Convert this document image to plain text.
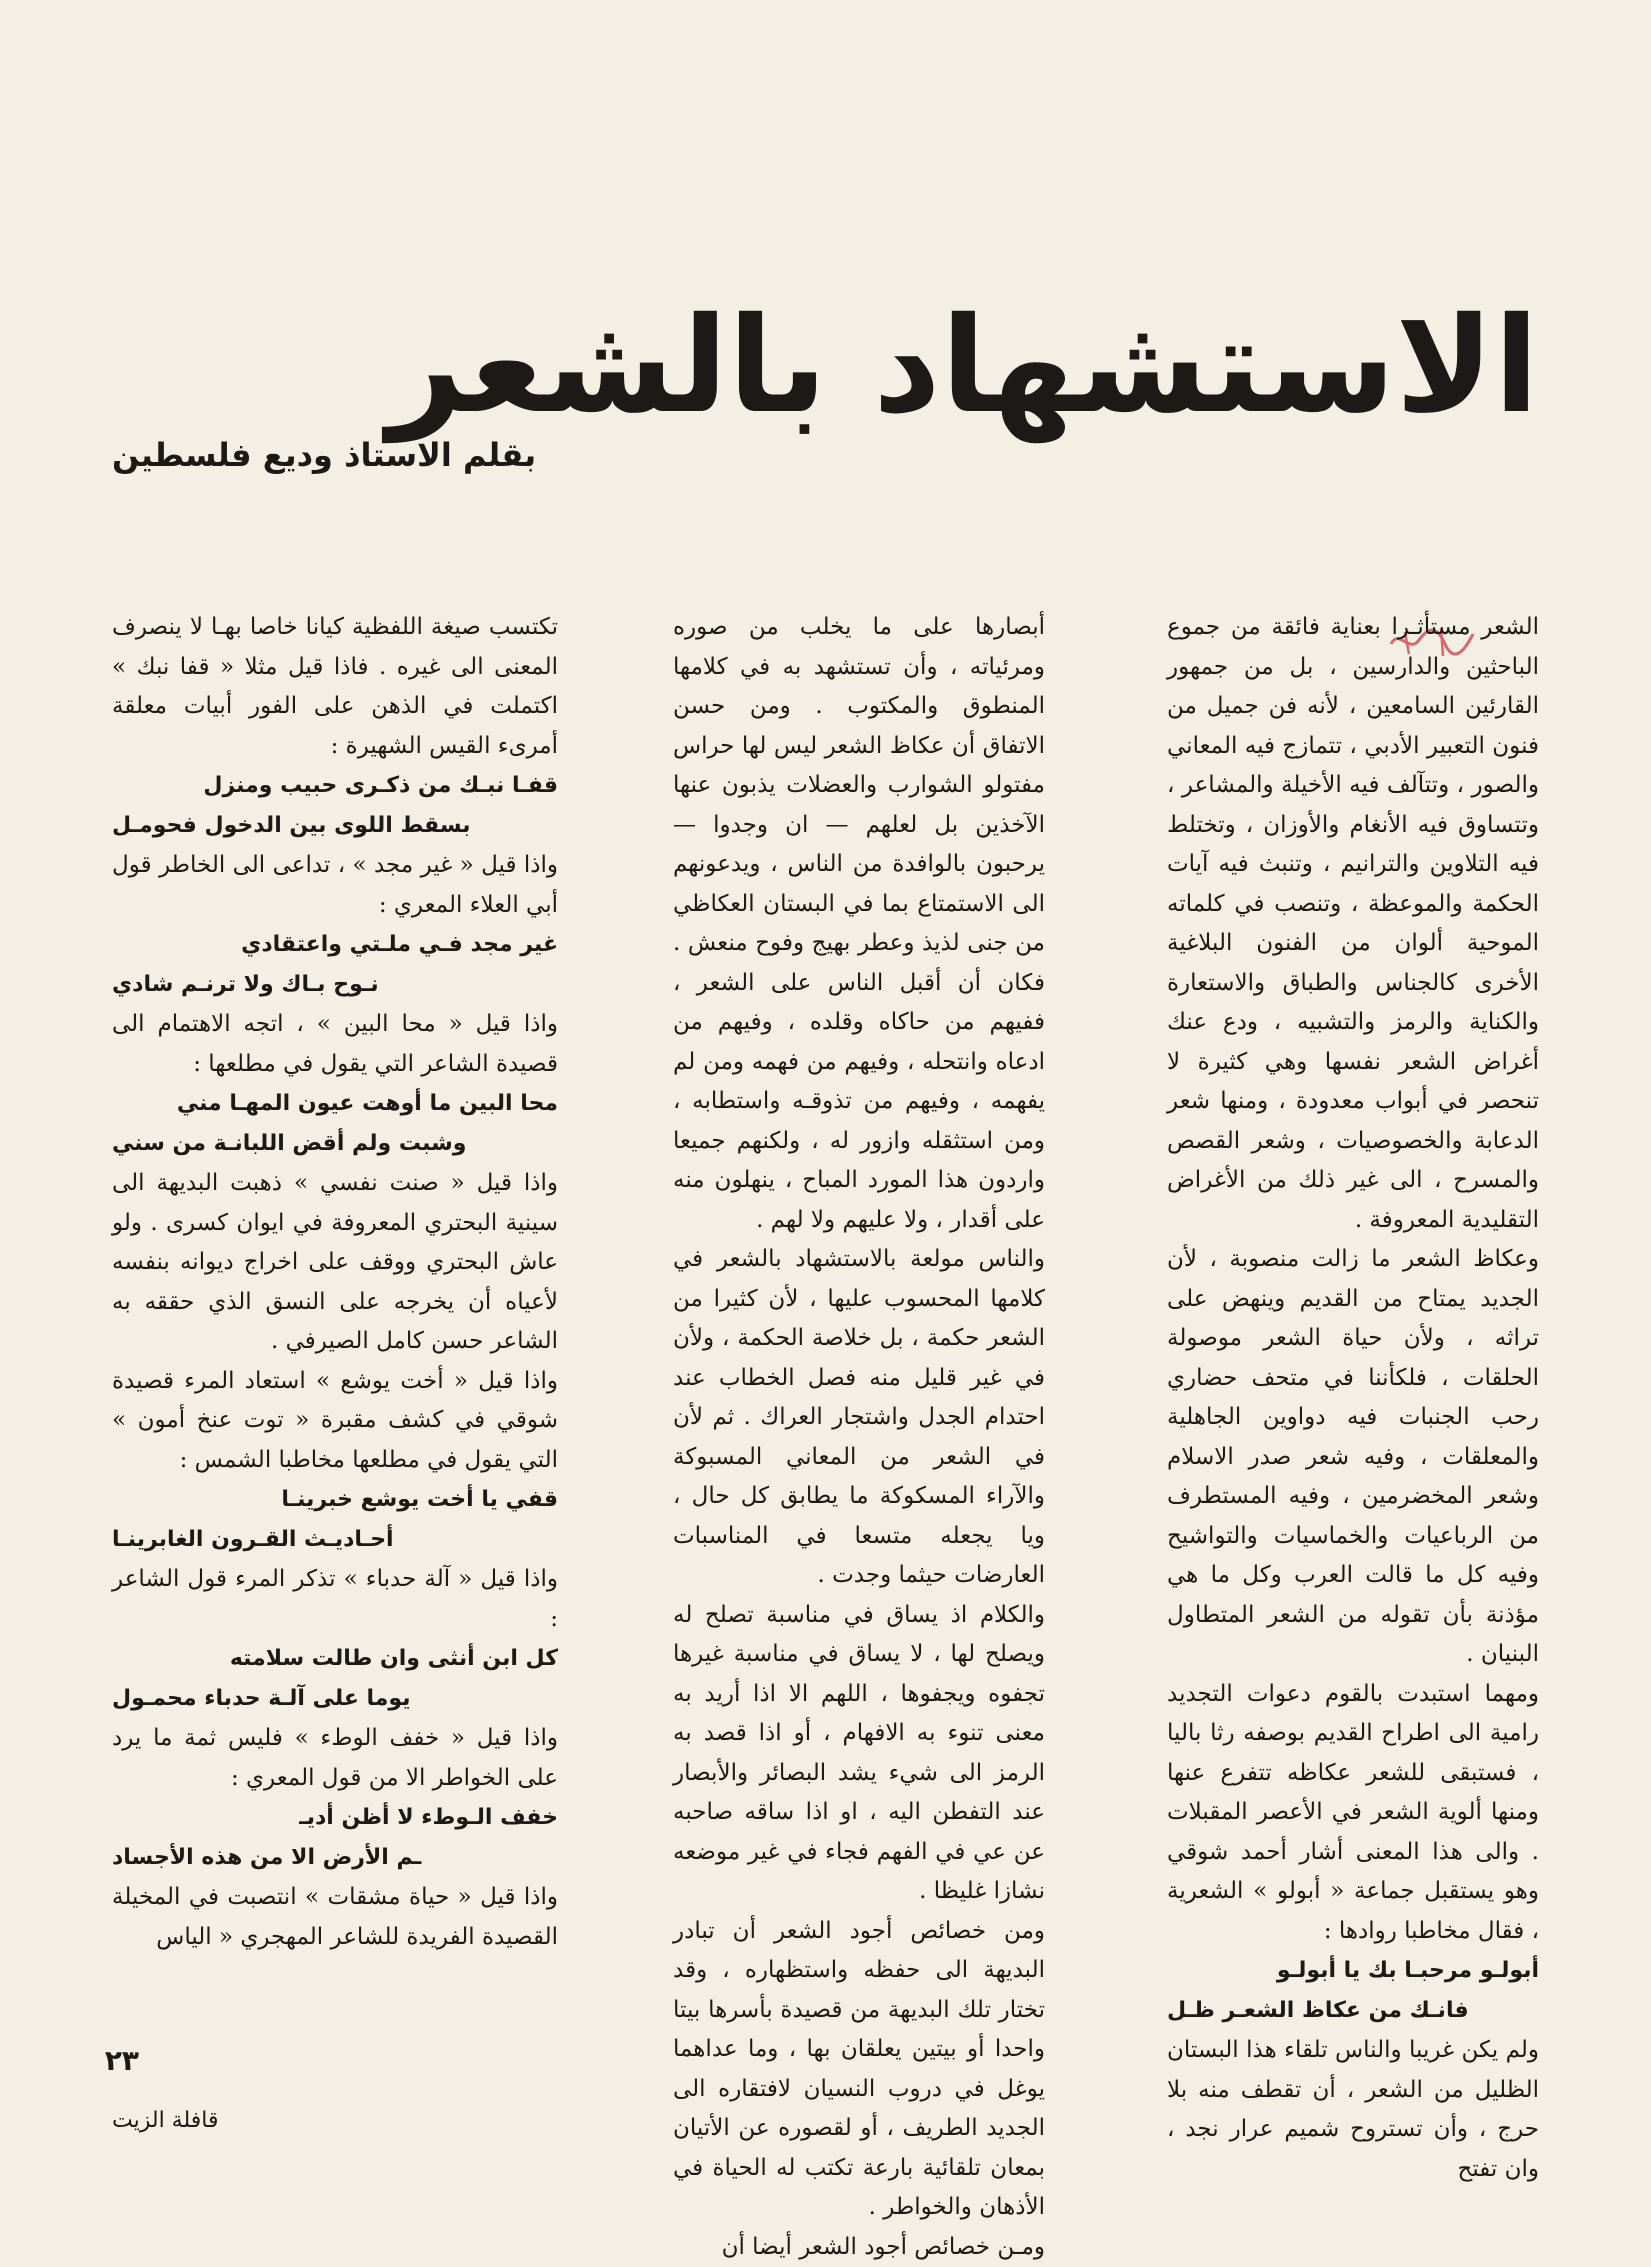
الاستشهاد بالشعر
بقلم الاستاذ وديع فلسطين

الشعر مستأثـرا بعناية فائقة من جموع الباحثين والدارسين ، بل من جمهور القارئين السامعين ، لأنه فن جميل من فنون التعبير الأدبي ، تتمازج فيه المعاني والصور ، وتتآلف فيه الأخيلة والمشاعر ، وتتساوق فيه الأنغام والأوزان ، وتختلط فيه التلاوين والترانيم ، وتنبث فيه آيات الحكمة والموعظة ، وتنصب في كلماته الموحية ألوان من الفنون البلاغية الأخرى كالجناس والطباق والاستعارة والكناية والرمز والتشبيه ، ودع عنك أغراض الشعر نفسها وهي كثيرة لا تنحصر في أبواب معدودة ، ومنها شعر الدعابة والخصوصيات ، وشعر القصص والمسرح ، الى غير ذلك من الأغراض التقليدية المعروفة .

وعكاظ الشعر ما زالت منصوبة ، لأن الجديد يمتاح من القديم وينهض على تراثه ، ولأن حياة الشعر موصولة الحلقات ، فلكأننا في متحف حضاري رحب الجنبات فيه دواوين الجاهلية والمعلقات ، وفيه شعر صدر الاسلام وشعر المخضرمين ، وفيه المستطرف من الرباعيات والخماسيات والتواشيح وفيه كل ما قالت العرب وكل ما هي مؤذنة بأن تقوله من الشعر المتطاول البنيان .

ومهما استبدت بالقوم دعوات التجديد رامية الى اطراح القديم بوصفه رثا باليا ، فستبقى للشعر عكاظه تتفرع عنها ومنها ألوية الشعر في الأعصر المقبلات . والى هذا المعنى أشار أحمد شوقي وهو يستقبل جماعة « أبولو » الشعرية ، فقال مخاطبا روادها :

أبولـو مرحبـا بك يا أبولـو

فانـك من عكاظ الشعـر ظـل

ولم يكن غريبا والناس تلقاء هذا البستان الظليل من الشعر ، أن تقطف منه بلا حرج ، وأن تستروح شميم عرار نجد ، وان تفتح

أبصارها على ما يخلب من صوره ومرئياته ، وأن تستشهد به في كلامها المنطوق والمكتوب . ومن حسن الاتفاق أن عكاظ الشعر ليس لها حراس مفتولو الشوارب والعضلات يذبون عنها الآخذين بل لعلهم — ان وجدوا — يرحبون بالوافدة من الناس ، ويدعونهم الى الاستمتاع بما في البستان العكاظي من جنى لذيذ وعطر بهيج وفوح منعش . فكان أن أقبل الناس على الشعر ، ففيهم من حاكاه وقلده ، وفيهم من ادعاه وانتحله ، وفيهم من فهمه ومن لم يفهمه ، وفيهم من تذوقـه واستطابه ، ومن استثقله وازور له ، ولكنهم جميعا واردون هذا المورد المباح ، ينهلون منه على أقدار ، ولا عليهم ولا لهم .

والناس مولعة بالاستشهاد بالشعر في كلامها المحسوب عليها ، لأن كثيرا من الشعر حكمة ، بل خلاصة الحكمة ، ولأن في غير قليل منه فصل الخطاب عند احتدام الجدل واشتجار العراك . ثم لأن في الشعر من المعاني المسبوكة والآراء المسكوكة ما يطابق كل حال ، ويا يجعله متسعا في المناسبات العارضات حيثما وجدت .

والكلام اذ يساق في مناسبة تصلح له ويصلح لها ، لا يساق في مناسبة غيرها تجفوه ويجفوها ، اللهم الا اذا أريد به معنى تنوء به الافهام ، أو اذا قصد به الرمز الى شيء يشد البصائر والأبصار عند التفطن اليه ، او اذا ساقه صاحبه عن عي في الفهم فجاء في غير موضعه نشازا غليظا .

ومن خصائص أجود الشعر أن تبادر البديهة الى حفظه واستظهاره ، وقد تختار تلك البديهة من قصيدة بأسرها بيتا واحدا أو بيتين يعلقان بها ، وما عداهما يوغل في دروب النسيان لافتقاره الى الجديد الطريف ، أو لقصوره عن الأتيان بمعان تلقائية بارعة تكتب له الحياة في الأذهان والخواطر .

ومـن خصائص أجود الشعر أيضا أن

تكتسب صيغة اللفظية كيانا خاصا بهـا لا ينصرف المعنى الى غيره . فاذا قيل مثلا « قفا نبك » اكتملت في الذهن على الفور أبيات معلقة أمرىء القيس الشهيرة :

قفـا نبـك من ذكـرى حبيب ومنزل

بسقط اللوى بين الدخول فحومـل

واذا قيل « غير مجد » ، تداعى الى الخاطر قول أبي العلاء المعري :

غير مجد فـي ملـتي واعتقادي

نـوح بـاك ولا ترنـم شادي

واذا قيل « محا البين » ، اتجه الاهتمام الى قصيدة الشاعر التي يقول في مطلعها :

محا البين ما أوهت عيون المهـا مني

وشبت ولم أقض اللبانـة من سني

واذا قيل « صنت نفسي » ذهبت البديهة الى سينية البحتري المعروفة في ايوان كسرى . ولو عاش البحتري ووقف على اخراج ديوانه بنفسه لأعياه أن يخرجه على النسق الذي حققه به الشاعر حسن كامل الصيرفي .

واذا قيل « أخت يوشع » استعاد المرء قصيدة شوقي في كشف مقبرة « توت عنخ أمون » التي يقول في مطلعها مخاطبا الشمس :

قفي يا أخت يوشع خبرينـا

أحـاديـث القـرون الغابرينـا

واذا قيل « آلة حدباء » تذكر المرء قول الشاعر :

كل ابن أنثى وان طالت سلامته

يوما على آلـة حدباء محمـول

واذا قيل « خفف الوطء » فليس ثمة ما يرد على الخواطر الا من قول المعري :

خفف الـوطء لا أظن أديـ

ـم الأرض الا من هذه الأجساد

واذا قيل « حياة مشقات » انتصبت في المخيلة القصيدة الفريدة للشاعر المهجري « الياس

٢٣
قافلة الزيت
